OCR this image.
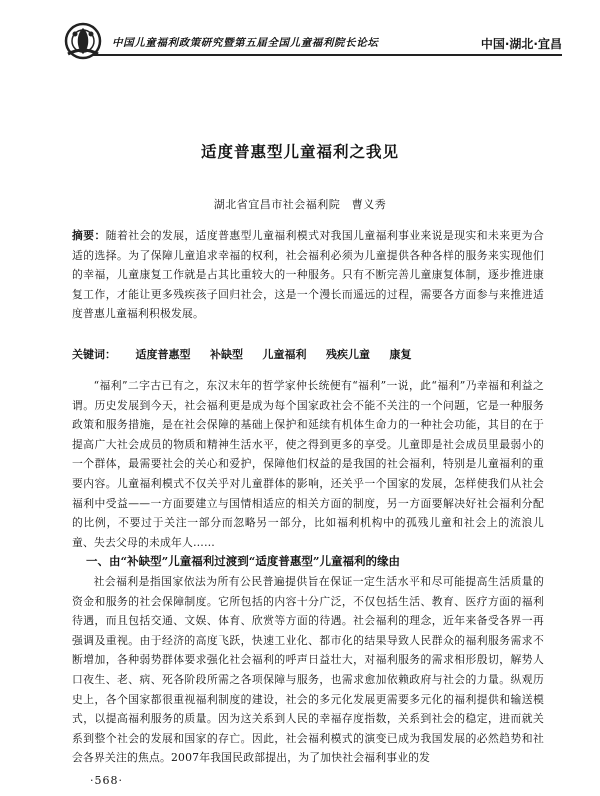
中国儿童福利政策研究暨第五届全国儿童福利院长论坛	中国·湖北·宜昌
适度普惠型儿童福利之我见
湖北省宜昌市社会福利院　曹义秀
摘要：随着社会的发展，适度普惠型儿童福利模式对我国儿童福利事业来说是现实和未来更为合适的选择。为了保障儿童追求幸福的权利，社会福利必须为儿童提供各种各样的服务来实现他们的幸福，儿童康复工作就是占其比重较大的一种服务。只有不断完善儿童康复体制，逐步推进康复工作，才能让更多残疾孩子回归社会，这是一个漫长而遥远的过程，需要各方面参与来推进适度普惠儿童福利积极发展。
关键词： 适度普惠型 补缺型 儿童福利 残疾儿童 康复
“福利”二字古已有之，东汉末年的哲学家仲长统便有“福利”一说，此“福利”乃幸福和利益之谓。历史发展到今天，社会福利更是成为每个国家政社会不能不关注的一个问题，它是一种服务政策和服务措施，是在社会保障的基础上保护和延续有机体生命力的一种社会功能，其目的在于提高广大社会成员的物质和精神生活水平，使之得到更多的享受。儿童即是社会成员里最弱小的一个群体，最需要社会的关心和爱护，保障他们权益的是我国的社会福利，特别是儿童福利的重要内容。儿童福利模式不仅关乎对儿童群体的影响，还关乎一个国家的发展，怎样使我们从社会福利中受益——一方面要建立与国情相适应的相关方面的制度，另一方面要解决好社会福利分配的比例，不要过于关注一部分而忽略另一部分，比如福利机构中的孤残儿童和社会上的流浪儿童、失去父母的未成年人……
一、由“补缺型”儿童福利过渡到“适度普惠型”儿童福利的缘由
社会福利是指国家依法为所有公民普遍提供旨在保证一定生活水平和尽可能提高生活质量的资金和服务的社会保障制度。它所包括的内容十分广泛，不仅包括生活、教育、医疗方面的福利待遇，而且包括交通、文娱、体育、欣赏等方面的待遇。社会福利的理念，近年来备受各界一再强调及重视。由于经济的高度飞跃，快速工业化、都市化的结果导致人民群众的福利服务需求不断增加，各种弱势群体要求强化社会福利的呼声日益壮大，对福利服务的需求相形殷切，解势人口夜生、老、病、死各阶段所需之各项保障与服务，也需求愈加依赖政府与社会的力量。纵观历史上，各个国家都很重视福利制度的建设，社会的多元化发展更需要多元化的福利提供和输送模式，以提高福利服务的质量。因为这关系到人民的幸福存度指数，关系到社会的稳定，进而就关系到整个社会的发展和国家的存亡。因此，社会福利模式的演变已成为我国发展的必然趋势和社会各界关注的焦点。2007年我国民政部提出，为了加快社会福利事业的发
·568·
